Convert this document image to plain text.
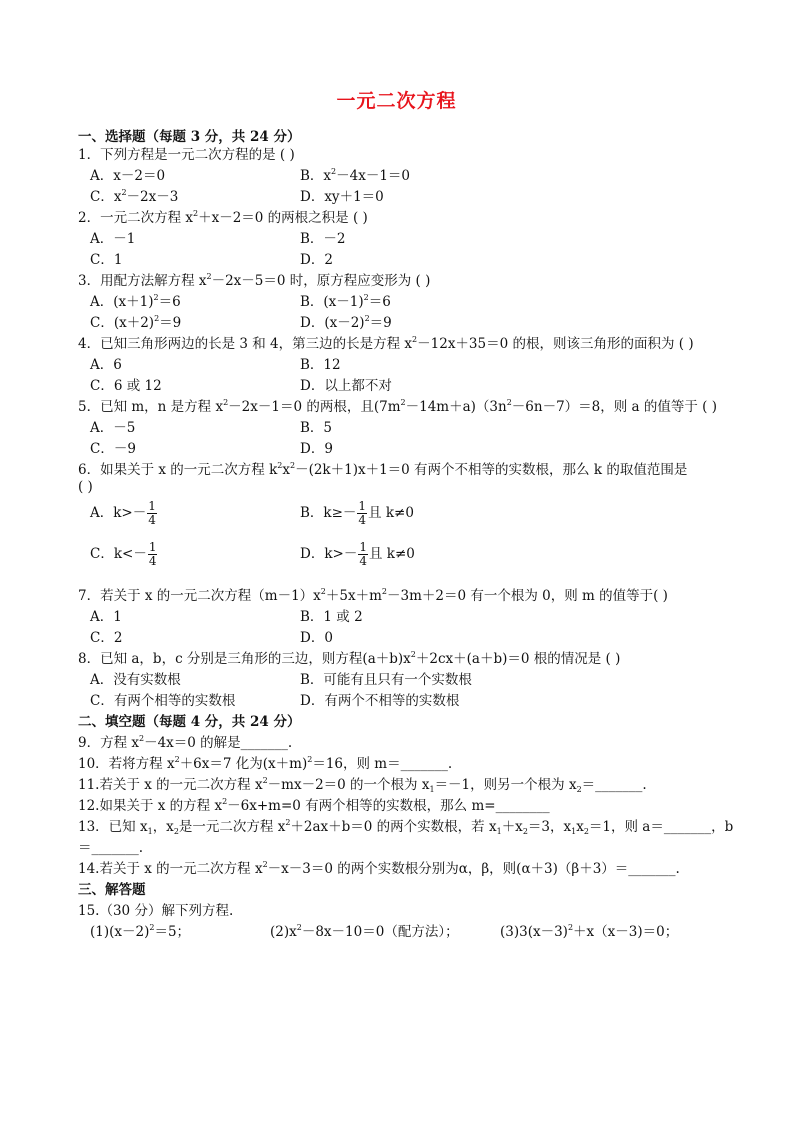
一元二次方程
一、选择题（每题 3 分，共 24 分）
1．下列方程是一元二次方程的是 ( )
A．x－2＝0	B．$x^2-4x-1=0$
C．$x^2-2x-3$	D．xy＋1＝0
2．一元二次方程 $x^2+x-2=0$ 的两根之积是 ( )
A．－1	B．－2
C．1	D．2
3．用配方法解方程 $x^2-2x-5=0$ 时，原方程应变形为 ( )
A．$(x+1)^2=6$	B．$(x-1)^2=6$
C．$(x+2)^2=9$	D．$(x-2)^2=9$
4．已知三角形两边的长是 3 和 4，第三边的长是方程 $x^2-12x+35=0$ 的根，则该三角形的面积为 ( )
A．6	B．12
C．6 或 12	D．以上都不对
5．已知 m，n 是方程 $x^2-2x-1=0$ 的两根，且$(7m^2-14m+a)(3n^2-6n-7)=8$，则 a 的值等于 ( )
A．－5	B．5
C．－9	D．9
6．如果关于 x 的一元二次方程 $k^2x^2-(2k+1)x+1=0$ 有两个不相等的实数根，那么 k 的取值范围是
( )
A．$k>- \frac{1}{4}$	B．$k\ge- \frac{1}{4}$ 且 k≠0
C．$k<- \frac{1}{4}$	D．$k>- \frac{1}{4}$ 且 k≠0
7．若关于 x 的一元二次方程$(m-1)x^2+5x+m^2-3m+2=0$ 有一个根为 0，则 m 的值等于( )
A．1	B．1 或 2
C．2	D．0
8．已知 a，b，c 分别是三角形的三边，则方程$(a+b)x^2+2cx+(a+b)=0$ 根的情况是 ( )
A．没有实数根	B．可能有且只有一个实数根
C．有两个相等的实数根	D．有两个不相等的实数根
二、填空题（每题 4 分，共 24 分）
9．方程 $x^2-4x=0$ 的解是_______.
10．若将方程 $x^2+6x=7$ 化为$(x+m)^2=16$，则 m＝_______.
11.若关于 x 的一元二次方程 $x^2-mx-2=0$ 的一个根为 $x_1=-1$，则另一个根为 $x_2=\_\_\_\_\_\_\_$.
12.如果关于 x 的方程 $x^2-6x+m=0$ 有两个相等的实数根，那么 m=________
13．已知 $x_1$，$x_2$是一元二次方程 $x^2+2ax+b=0$ 的两个实数根，若 $x_1+x_2=3$，$x_1x_2=1$，则 a＝_______，b
＝_______.
14.若关于 x 的一元二次方程 $x^2-x-3=0$ 的两个实数根分别为α，β，则(α＋3)（β＋3）＝_______.
三、解答题
15.（30 分）解下列方程.
$(1)(x-2)^2=5$；	$(2)x^2-8x-10=0$（配方法）；	$(3)3(x-3)^2+x(x-3)=0$；
